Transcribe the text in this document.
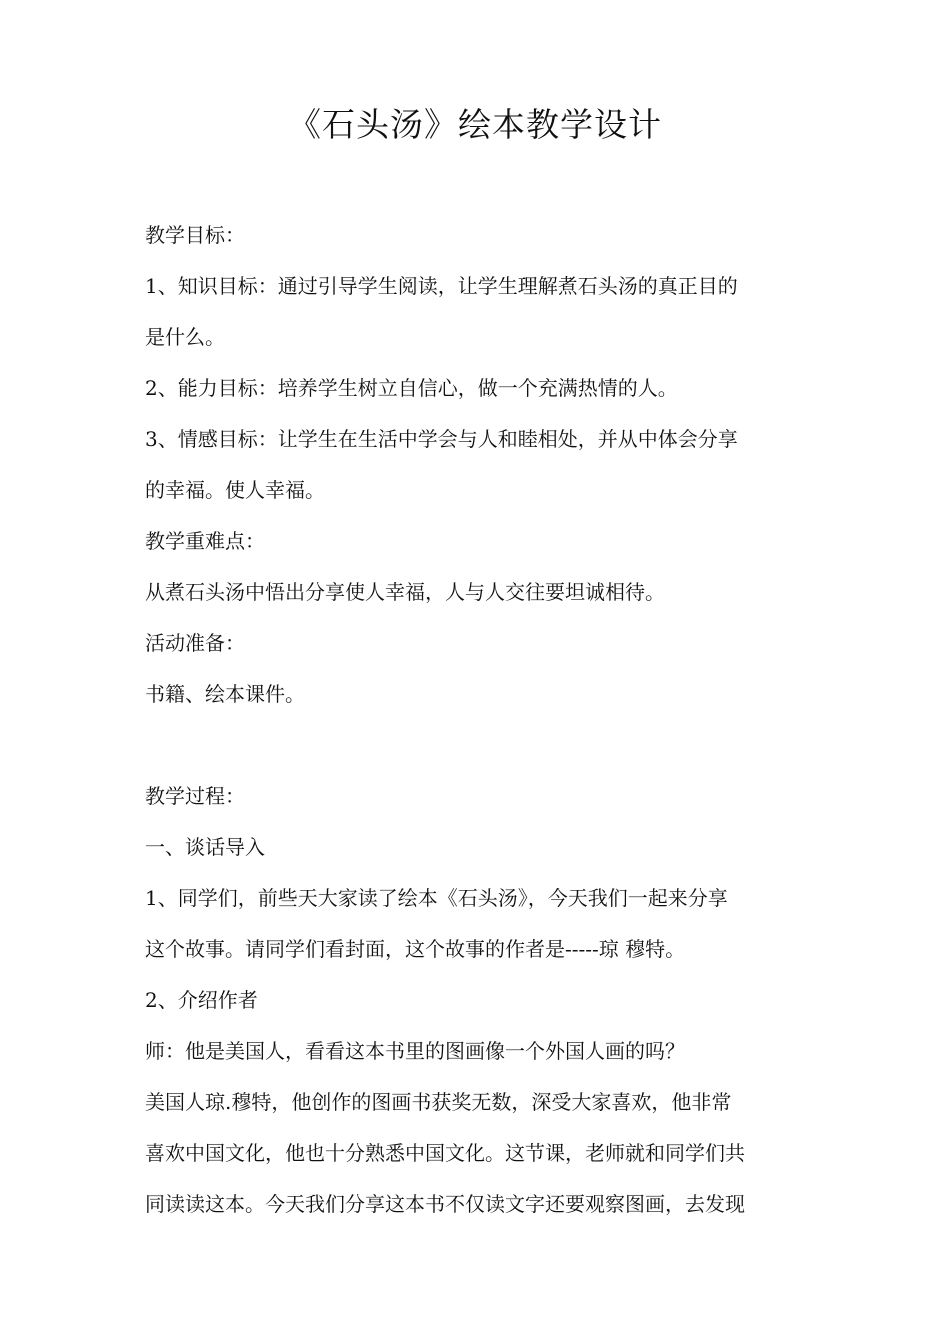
《石头汤》绘本教学设计
教学目标：
1、知识目标：通过引导学生阅读，让学生理解煮石头汤的真正目的
是什么。
2、能力目标：培养学生树立自信心，做一个充满热情的人。
3、情感目标：让学生在生活中学会与人和睦相处，并从中体会分享
的幸福。使人幸福。
教学重难点：
从煮石头汤中悟出分享使人幸福，人与人交往要坦诚相待。
活动准备：
书籍、绘本课件。
教学过程：
一、谈话导入
1、同学们，前些天大家读了绘本《石头汤》，今天我们一起来分享
这个故事。请同学们看封面，这个故事的作者是-----琼 穆特。
2、介绍作者
师：他是美国人，看看这本书里的图画像一个外国人画的吗？
美国人琼.穆特，他创作的图画书获奖无数，深受大家喜欢，他非常
喜欢中国文化，他也十分熟悉中国文化。这节课，老师就和同学们共
同读读这本。今天我们分享这本书不仅读文字还要观察图画，去发现
